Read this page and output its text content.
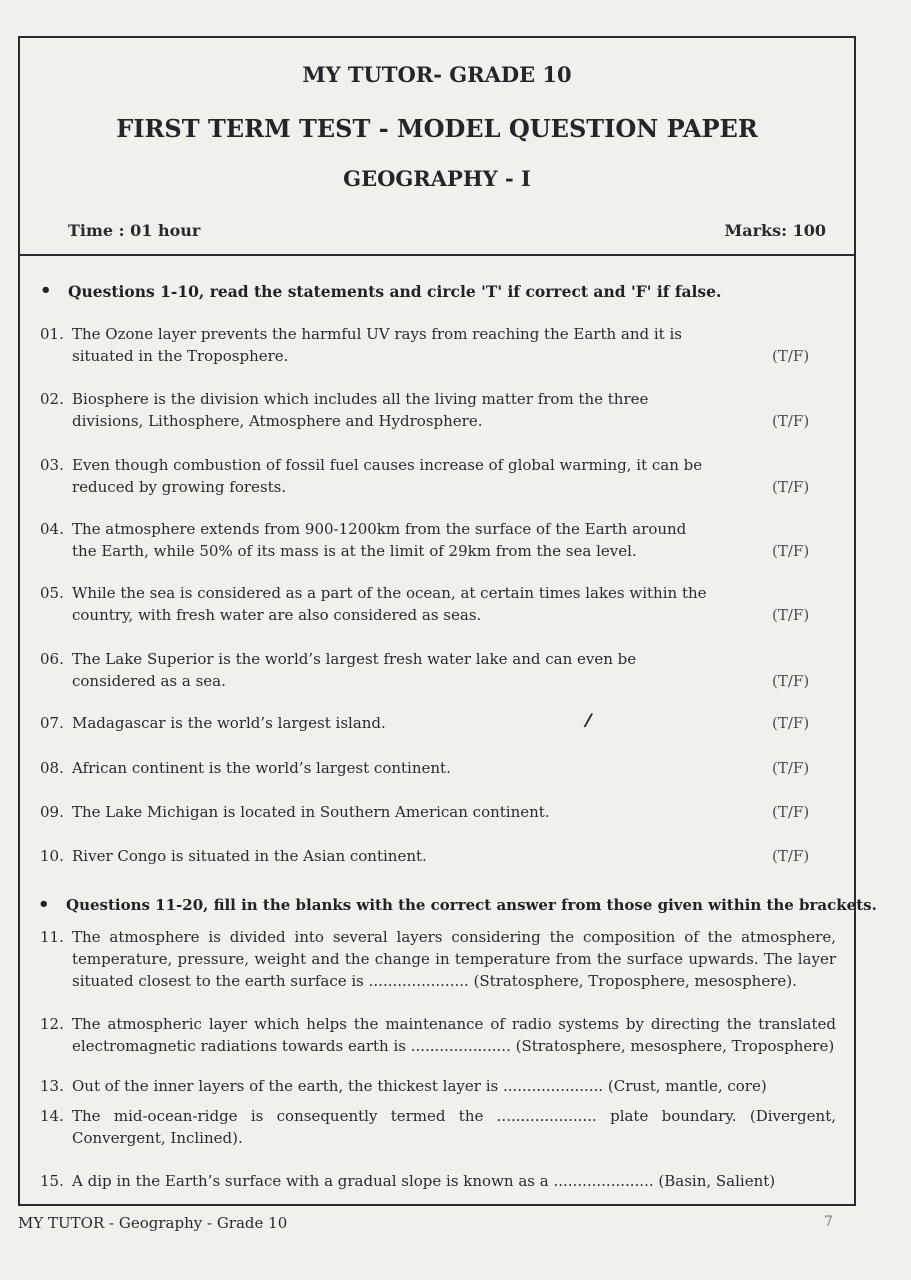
MY TUTOR- GRADE 10
FIRST TERM TEST - MODEL QUESTION PAPER
GEOGRAPHY - I
Time : 01 hour	Marks: 100
• Questions 1-10, read the statements and circle 'T' if correct and 'F' if false.
01. The Ozone layer prevents the harmful UV rays from reaching the Earth and it is situated in the Troposphere.	(T/F)
02. Biosphere is the division which includes all the living matter from the three divisions, Lithosphere, Atmosphere and Hydrosphere.	(T/F)
03. Even though combustion of fossil fuel causes increase of global warming, it can be reduced by growing forests.	(T/F)
04. The atmosphere extends from 900-1200km from the surface of the Earth around the Earth, while 50% of its mass is at the limit of 29km from the sea level.	(T/F)
05. While the sea is considered as a part of the ocean, at certain times lakes within the country, with fresh water are also considered as seas.	(T/F)
06. The Lake Superior is the world’s largest fresh water lake and can even be considered as a sea.	(T/F)
07. Madagascar is the world’s largest island.	(T/F)
08. African continent is the world’s largest continent.	(T/F)
09. The Lake Michigan is located in Southern American continent.	(T/F)
10. River Congo is situated in the Asian continent.	(T/F)
/
• Questions 11-20, fill in the blanks with the correct answer from those given within the brackets.
11. The atmosphere is divided into several layers considering the composition of the atmosphere, temperature, pressure, weight and the change in temperature from the surface upwards. The layer situated closest to the earth surface is ..................... (Stratosphere, Troposphere, mesosphere).
12. The atmospheric layer which helps the maintenance of radio systems by directing the translated electromagnetic radiations towards earth is ..................... (Stratosphere, mesosphere, Troposphere)
13. Out of the inner layers of the earth, the thickest layer is ..................... (Crust, mantle, core)
14. The mid-ocean-ridge is consequently termed the ..................... plate boundary. (Divergent, Convergent, Inclined).
15. A dip in the Earth’s surface with a gradual slope is known as a ..................... (Basin, Salient)
MY TUTOR - Geography - Grade 10	7
